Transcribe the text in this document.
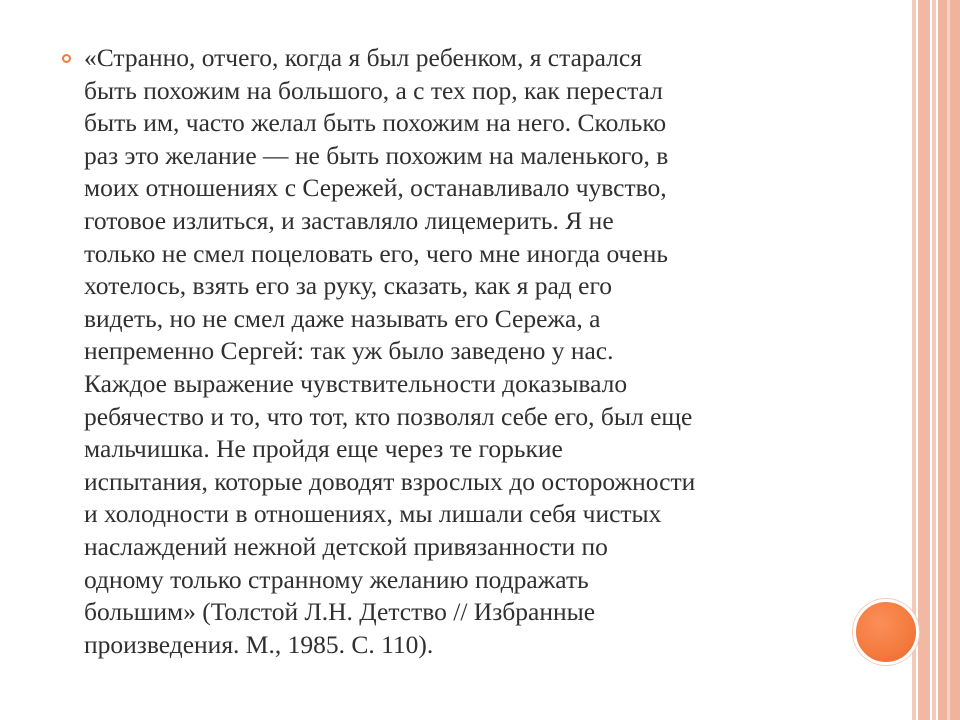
«Странно, отчего, когда я был ребенком, я старался
быть похожим на большого, а с тех пор, как перестал
быть им, часто желал быть похожим на него. Сколько
раз это желание — не быть похожим на маленького, в
моих отношениях с Сережей, останавливало чувство,
готовое излиться, и заставляло лицемерить. Я не
только не смел поцеловать его, чего мне иногда очень
хотелось, взять его за руку, сказать, как я рад его
видеть, но не смел даже называть его Сережа, а
непременно Сергей: так уж было заведено у нас.
Каждое выражение чувствительности доказывало
ребячество и то, что тот, кто позволял себе его, был еще
мальчишка. Не пройдя еще через те горькие
испытания, которые доводят взрослых до осторожности
и холодности в отношениях, мы лишали себя чистых
наслаждений нежной детской привязанности по
одному только странному желанию подражать
большим» (Толстой Л.Н. Детство // Избранные
произведения. М., 1985. С. 110).
